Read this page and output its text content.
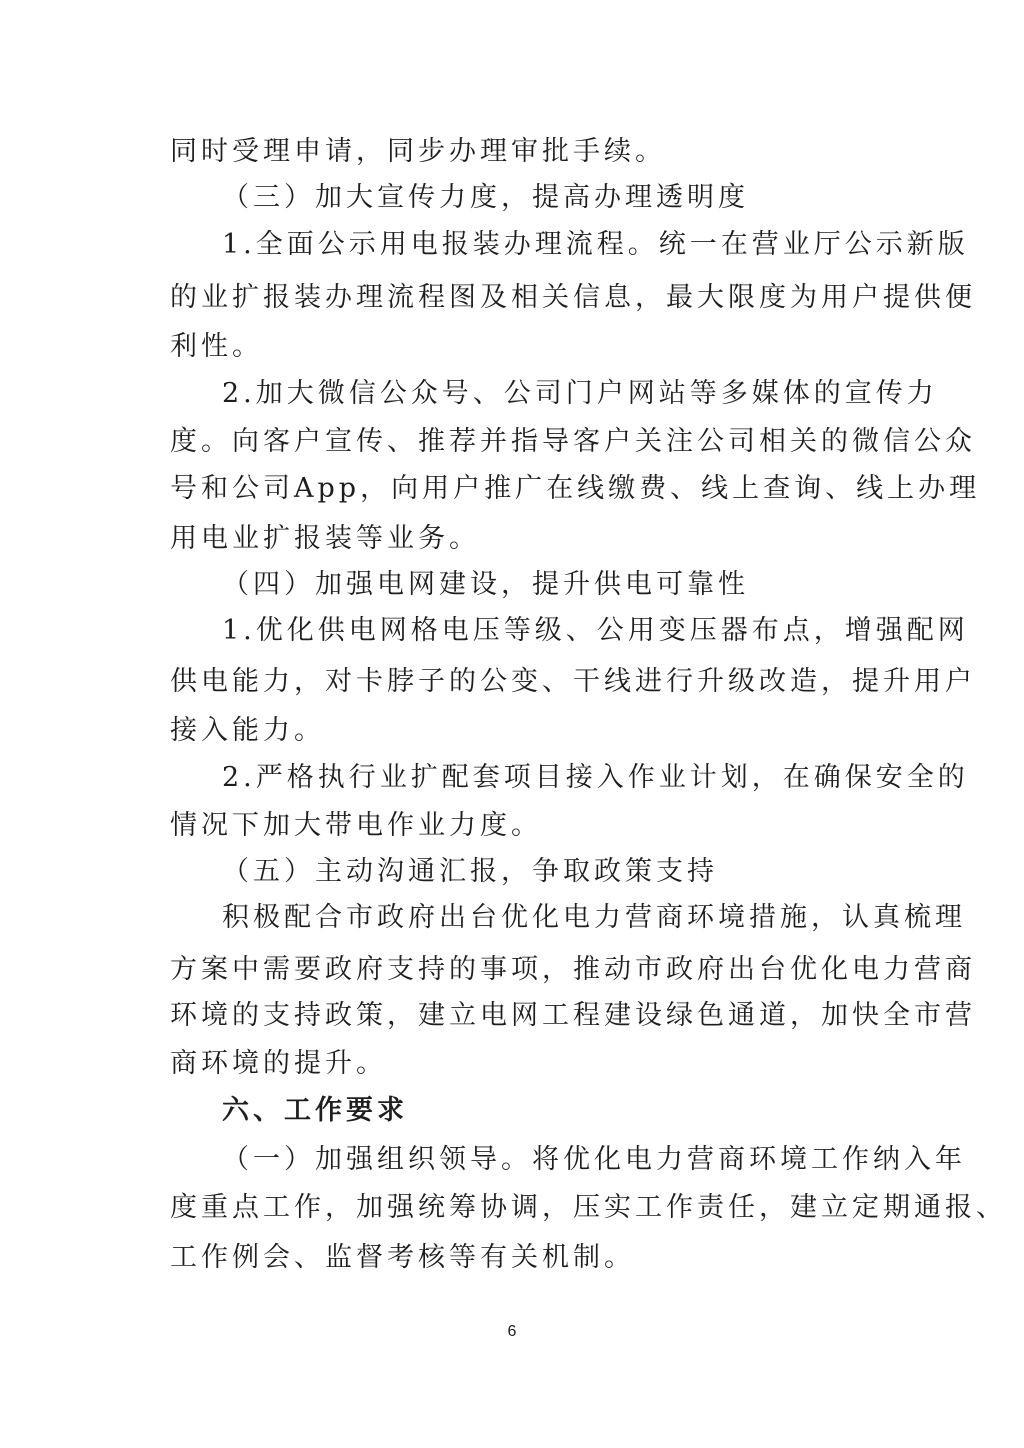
同时受理申请，同步办理审批手续。
（三）加大宣传力度，提高办理透明度
1.全面公示用电报装办理流程。统一在营业厅公示新版
的业扩报装办理流程图及相关信息，最大限度为用户提供便
利性。
2.加大微信公众号、公司门户网站等多媒体的宣传力
度。向客户宣传、推荐并指导客户关注公司相关的微信公众
号和公司App，向用户推广在线缴费、线上查询、线上办理
用电业扩报装等业务。
（四）加强电网建设，提升供电可靠性
1.优化供电网格电压等级、公用变压器布点，增强配网
供电能力，对卡脖子的公变、干线进行升级改造，提升用户
接入能力。
2.严格执行业扩配套项目接入作业计划，在确保安全的
情况下加大带电作业力度。
（五）主动沟通汇报，争取政策支持
积极配合市政府出台优化电力营商环境措施，认真梳理
方案中需要政府支持的事项，推动市政府出台优化电力营商
环境的支持政策，建立电网工程建设绿色通道，加快全市营
商环境的提升。
六、工作要求
（一）加强组织领导。将优化电力营商环境工作纳入年
度重点工作，加强统筹协调，压实工作责任，建立定期通报、
工作例会、监督考核等有关机制。
6
